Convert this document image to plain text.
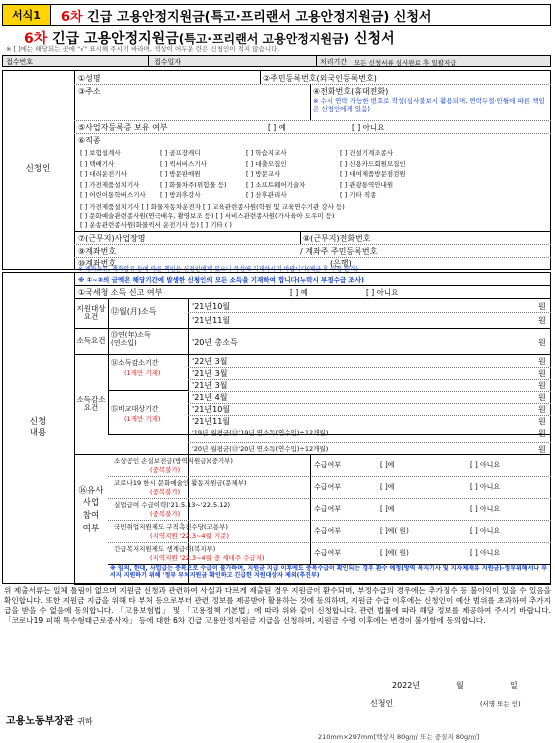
서식1	6차 긴급 고용안정지원금(특고·프리랜서 고용안정지원금) 신청서
6차 긴급 고용안정지원금(특고·프리랜서 고용안정지원금) 신청서
※ [ ]에는 해당되는 곳에 "√" 표시해 주시기 바라며, 색상이 어두운 란은 신청인이 적지 않습니다.
접수번호	접수일자	처리기간 모든 신청서류 심사완료 후 일괄지급
신청인
①성명	②주민등록번호(외국인등록번호)
③주소	④전화번호(휴대전화)
※ 수시 연락 가능한 번호로 작성(심사불보시 활용되며, 연락두절·안될에 따른 책임은 신청인에게 있음)
⑤사업자등록증 보유 여부	[ ] 예	[ ] 아니요
⑥직종
[ ] 보험설계사	[ ] 골프장캐디	[ ] 학습지교사	[ ] 건설기계조종사
[ ] 택배기사	[ ] 퀵서비스기사	[ ] 대출모집인	[ ] 신용카드회원모집인
[ ] 대리운전기사	[ ] 방문판매원	[ ] 방문교사	[ ] 대여제품방문점검원
[ ] 가전제품설치기사	[ ] 화물차주(위험물 등)	[ ] 소프트웨어기술자	[ ] 관광통역안내원
[ ] 어린이통학버스기사 [ ] 방과후강사	[ ] 산후관리사	[ ] 기타 직종
[ ] 가전제품설치기사 [ ] 화물자동차운전자 [ ] 교육관련종사원(학원 및 교육연수기관 강사 등)
[ ] 문화예술관련종사원(연극배우, 촬영보조 등) [ ] 서비스관련종사원(가사육아 도우미 등)
[ ] 운송관련종사원(화물퀵서 운전기사 등) [ ] 기타 ( )
⑦(근무지)사업장명	⑧(근무지)전화번호
⑨계좌번호	/ 계좌주 주민등록번호
⑩계좌번호	(은행)
※ 계좌오류, 계좌압류 등에 따른 책임은 신청인에게 있으니 작성에 기재하시기 바랍니다(예금 후 수정 불가)
신청
내용
※ ①~③의 금액은 해당기간에 발생한 신청인의 모든 소득을 기재하여 합니다(누락시 부정수급 조사)
①국세청 소득 신고 여부	[ ] 예	[ ] 아니요
지원대상요건
⑫월(月)소득
'21년10월	원
'21년11월	원
소득요건
⑬연(年)소득
(연소입)	'20년 총소득	원
소득감소요건
⑭소득감소기간
(1개만 기재)
⑮비교대상기간
(1개만 기재)
'22년 3월	원
'21년 3월	원
'21년 3월	원
'21년 4월	원
'21년10월	원
'21년11월	원
'19년 월평균(⑬'19년 연소득(연수입)÷12개월)	원
'20년 월평균(⑬'20년 연소득(연수입)÷12개월)	원
⑯유사
사업
참여
여부
소상공인 손실보전금(방역지원금)(중기부)
(중복불가)
수급여부	[ ]예	[ ] 아니요
코로나19 한시 문화예술인 활동지원금(문체부)
(중복불가)
수급여부	[ ]예	[ ] 아니요
실업급여 수급이력('21.5.13~'22.5.12)
(중복불가)
수급여부	[ ]예	[ ] 아니요
국민취업지원제도 구직촉진수당(고용부)
(지역지원 '22.3~4월 기준)
수급여부	[ ]예( 원)	[ ] 아니요
긴급복지지원제도 생계급여(복지부)
(지역지원 '22.3~4월 중 세대주 수급자)
수급여부	[ ]예( 원)	[ ] 아니요
※ 임의, 한대, 사업급는 중복으로 수급이 불가하며, 지원금 지급 이후에도 중복수급이 확인되는 경우 환수 예정(방역 복지기사 및 지자체재유 지원금)-정부위해서나 부서지 지원하기 위해 '정부 부처지원금 확인하고 긴급한 지원대상자 제외(추진부)
위 제출서류는 일체 틀림이 없으며 지원금 신청과 관련하여 사실과 다르게 제출된 경우 지원금이 환수되며, 부정수급의 경우에는 추가징수 등 불이익이 있을 수 있음을 확인합니다. 또한 지원금 지급을 위해 타 부처 등으로부터 관련 정보를 제공받아 활용하는 것에 동의하며, 지원금 수급 이후에는 신청인이 예산 범위를 초과하여 추가지급을 받을 수 없음에 동의합니다. 「고용보험법」 및 「고용정책 기본법」에 따라 위와 같이 신청합니다. 관련 법률에 따라 해당 정보를 제공하여 주시기 바랍니다. 「코로나19 피해 특수형태근로종사자」 등에 대한 6차 긴급 고용안정지원금 지급을 신청하며, 지원금 수령 이후에는 변경이 불가함에 동의합니다.
2022년	월	일
신청인	(서명 또는 인)
고용노동부장관 귀하
210mm×297mm[백상지 80g/㎡ 또는 중질지 80g/㎡]
